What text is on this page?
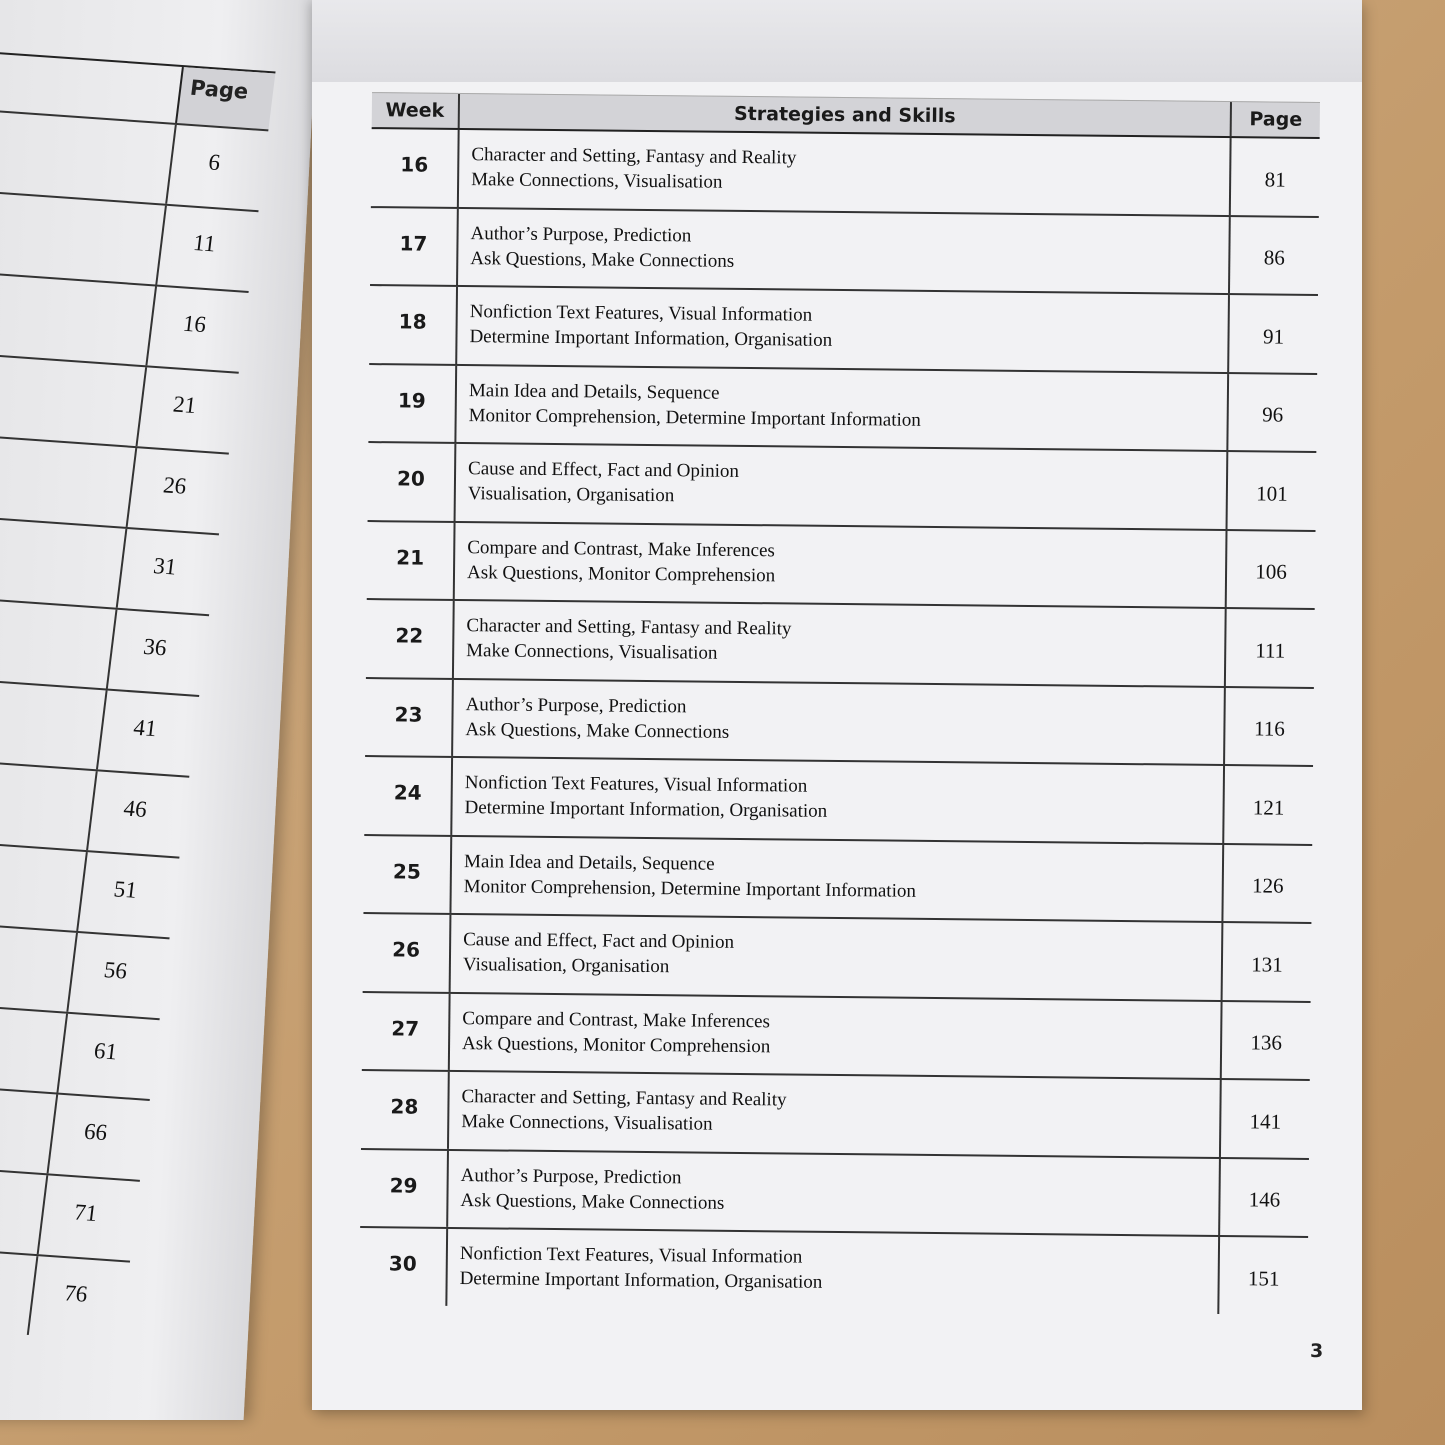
Page
6
11
16
21
26
31
36
41
46
51
56
61
66
71
76
Week	Strategies and Skills	Page
16	Character and Setting, Fantasy and Reality
Make Connections, Visualisation	81
17	Author’s Purpose, Prediction
Ask Questions, Make Connections	86
18	Nonfiction Text Features, Visual Information
Determine Important Information, Organisation	91
19	Main Idea and Details, Sequence
Monitor Comprehension, Determine Important Information	96
20	Cause and Effect, Fact and Opinion
Visualisation, Organisation	101
21	Compare and Contrast, Make Inferences
Ask Questions, Monitor Comprehension	106
22	Character and Setting, Fantasy and Reality
Make Connections, Visualisation	111
23	Author’s Purpose, Prediction
Ask Questions, Make Connections	116
24	Nonfiction Text Features, Visual Information
Determine Important Information, Organisation	121
25	Main Idea and Details, Sequence
Monitor Comprehension, Determine Important Information	126
26	Cause and Effect, Fact and Opinion
Visualisation, Organisation	131
27	Compare and Contrast, Make Inferences
Ask Questions, Monitor Comprehension	136
28	Character and Setting, Fantasy and Reality
Make Connections, Visualisation	141
29	Author’s Purpose, Prediction
Ask Questions, Make Connections	146
30	Nonfiction Text Features, Visual Information
Determine Important Information, Organisation	151
3
